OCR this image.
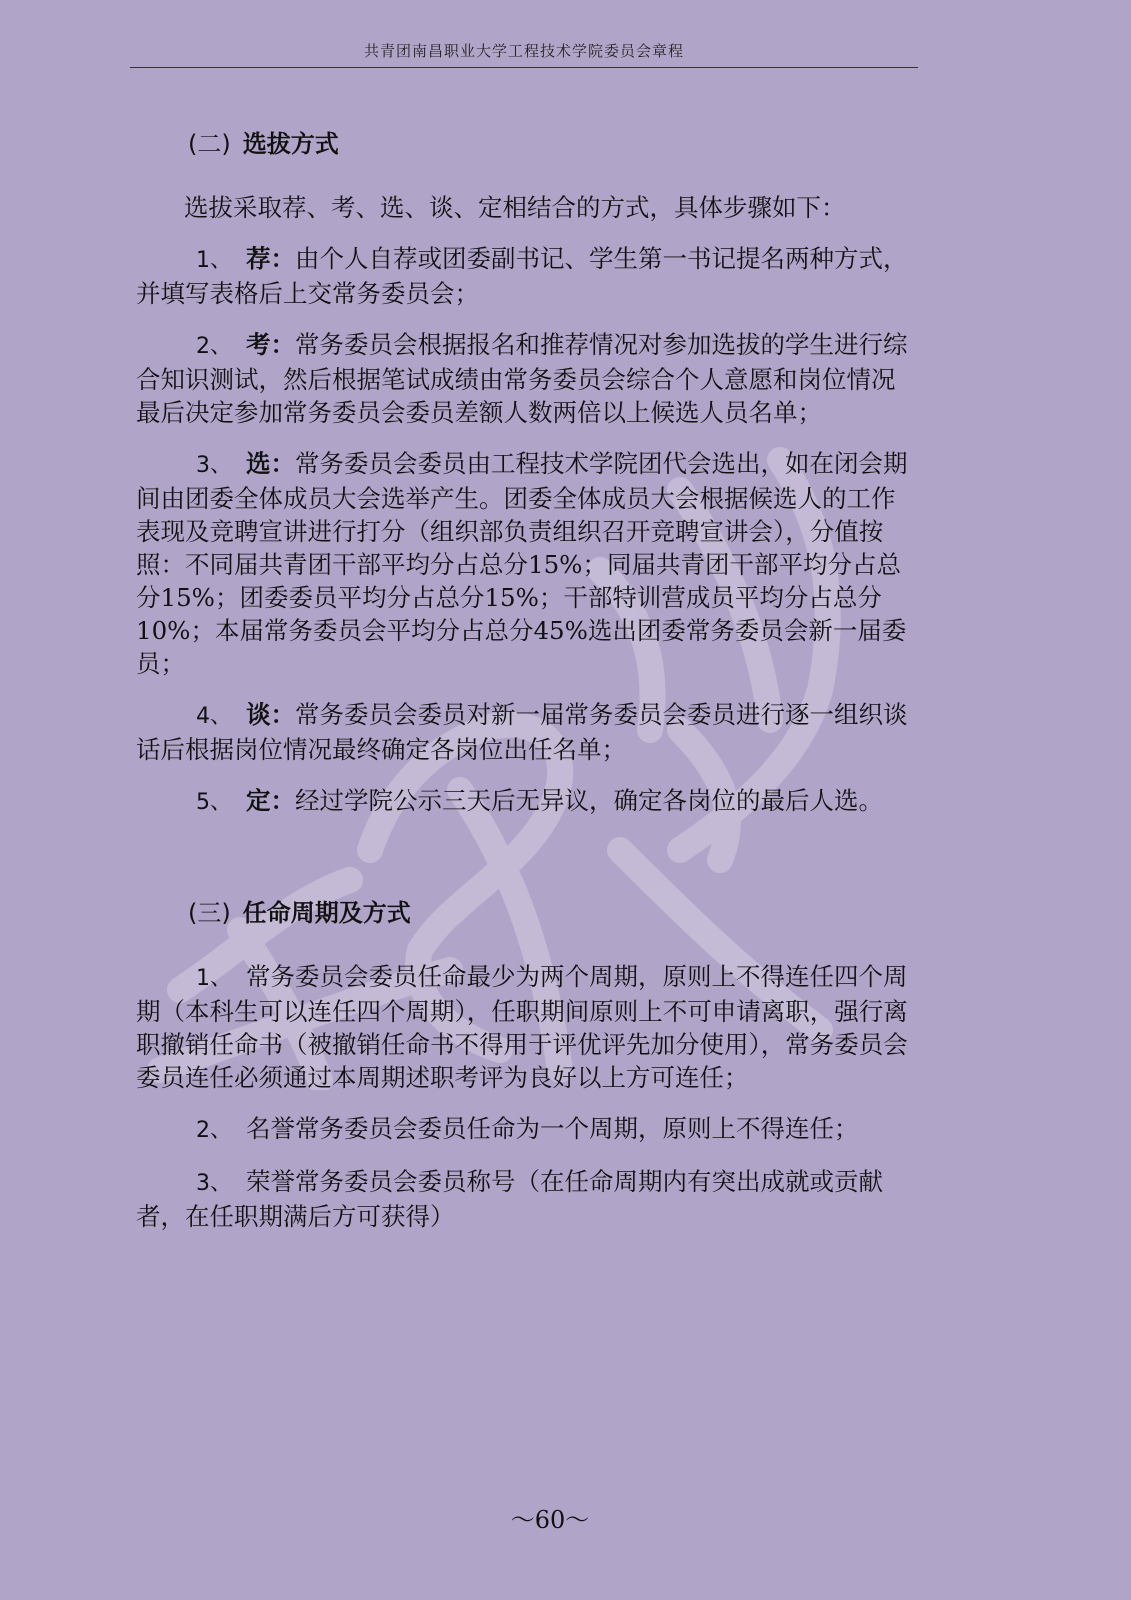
共青团南昌职业大学工程技术学院委员会章程
(二) 选拔方式

选拔采取荐、考、选、谈、定相结合的方式，具体步骤如下：

1、 荐：由个人自荐或团委副书记、学生第一书记提名两种方式，并填写表格后上交常务委员会；

2、 考：常务委员会根据报名和推荐情况对参加选拔的学生进行综合知识测试，然后根据笔试成绩由常务委员会综合个人意愿和岗位情况最后决定参加常务委员会委员差额人数两倍以上候选人员名单；

3、 选：常务委员会委员由工程技术学院团代会选出，如在闭会期间由团委全体成员大会选举产生。团委全体成员大会根据候选人的工作表现及竞聘宣讲进行打分（组织部负责组织召开竞聘宣讲会），分值按照：不同届共青团干部平均分占总分15%；同届共青团干部平均分占总分15%；团委委员平均分占总分15%；干部特训营成员平均分占总分10%；本届常务委员会平均分占总分45%选出团委常务委员会新一届委员；

4、 谈：常务委员会委员对新一届常务委员会委员进行逐一组织谈话后根据岗位情况最终确定各岗位出任名单；

5、 定：经过学院公示三天后无异议，确定各岗位的最后人选。

(三) 任命周期及方式

1、 常务委员会委员任命最少为两个周期，原则上不得连任四个周期（本科生可以连任四个周期），任职期间原则上不可申请离职，强行离职撤销任命书（被撤销任命书不得用于评优评先加分使用），常务委员会委员连任必须通过本周期述职考评为良好以上方可连任；

2、 名誉常务委员会委员任命为一个周期，原则上不得连任；

3、 荣誉常务委员会委员称号（在任命周期内有突出成就或贡献者，在任职期满后方可获得）

～60～
